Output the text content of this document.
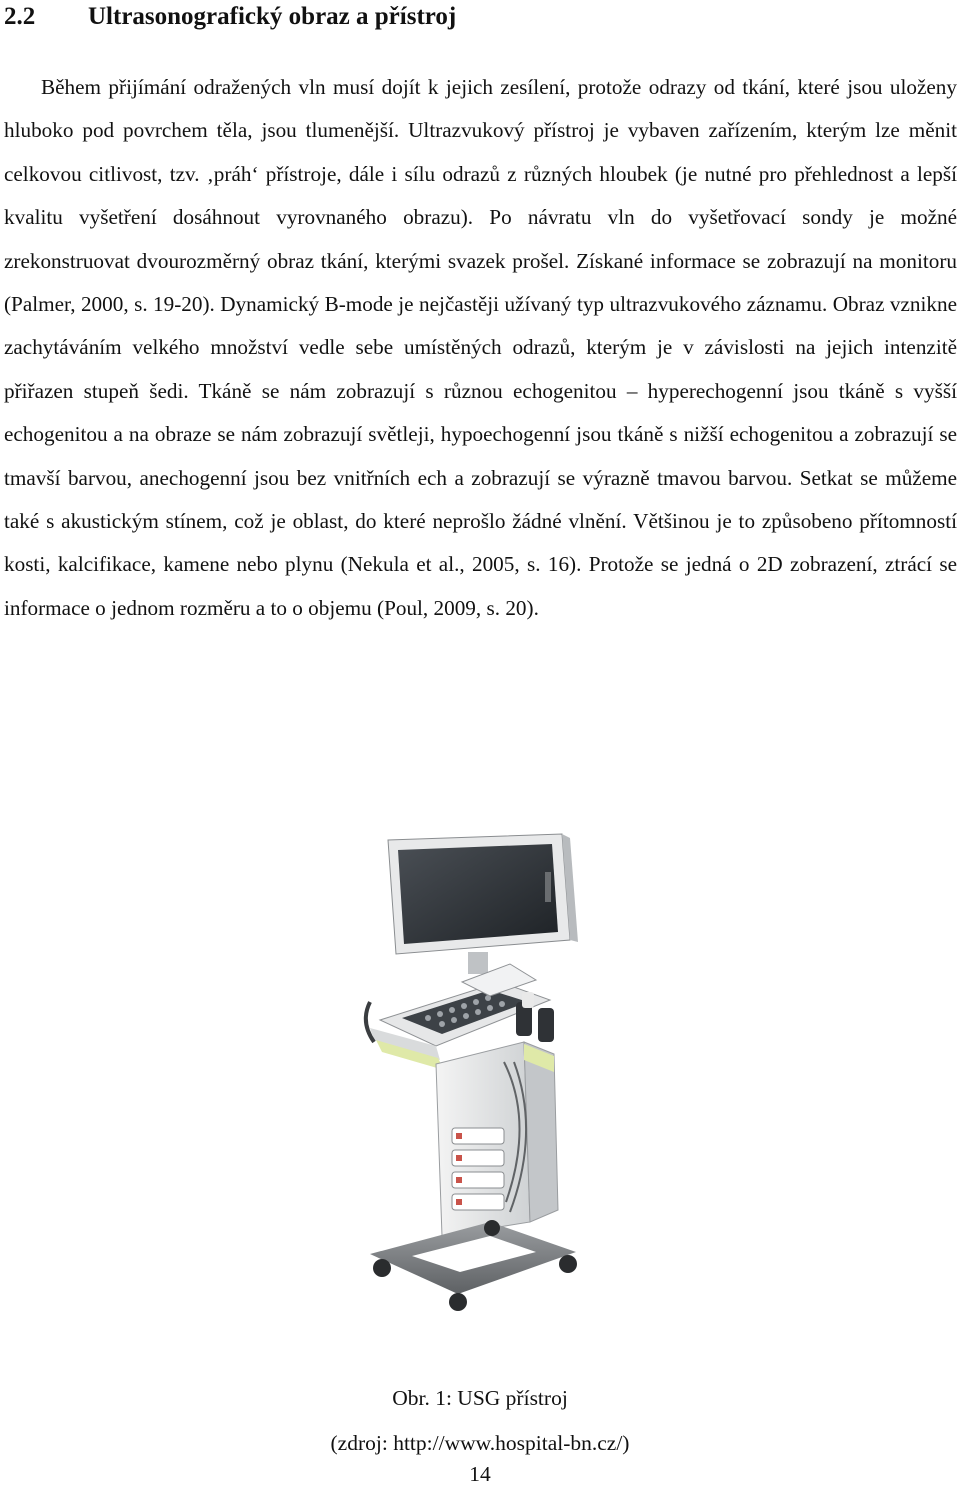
2.2 Ultrasonografický obraz a přístroj

Během přijímání odražených vln musí dojít k jejich zesílení, protože odrazy od tkání, které jsou uloženy hluboko pod povrchem těla, jsou tlumenější. Ultrazvukový přístroj je vybaven zařízením, kterým lze měnit celkovou citlivost, tzv. ‚práh‘ přístroje, dále i sílu odrazů z různých hloubek (je nutné pro přehlednost a lepší kvalitu vyšetření dosáhnout vyrovnaného obrazu). Po návratu vln do vyšetřovací sondy je možné zrekonstruovat dvourozměrný obraz tkání, kterými svazek prošel. Získané informace se zobrazují na monitoru (Palmer, 2000, s. 19-20). Dynamický B-mode je nejčastěji užívaný typ ultrazvukového záznamu. Obraz vznikne zachytáváním velkého množství vedle sebe umístěných odrazů, kterým je v závislosti na jejich intenzitě přiřazen stupeň šedi. Tkáně se nám zobrazují s různou echogenitou – hyperechogenní jsou tkáně s vyšší echogenitou a na obraze se nám zobrazují světleji, hypoechogenní jsou tkáně s nižší echogenitou a zobrazují se tmavší barvou, anechogenní jsou bez vnitřních ech a zobrazují se výrazně tmavou barvou. Setkat se můžeme také s akustickým stínem, což je oblast, do které neprošlo žádné vlnění. Většinou je to způsobeno přítomností kosti, kalcifikace, kamene nebo plynu (Nekula et al., 2005, s. 16). Protože se jedná o 2D zobrazení, ztrácí se informace o jednom rozměru a to o objemu (Poul, 2009, s. 20).

Obr. 1: USG přístroj
(zdroj: http://www.hospital-bn.cz/)
14
